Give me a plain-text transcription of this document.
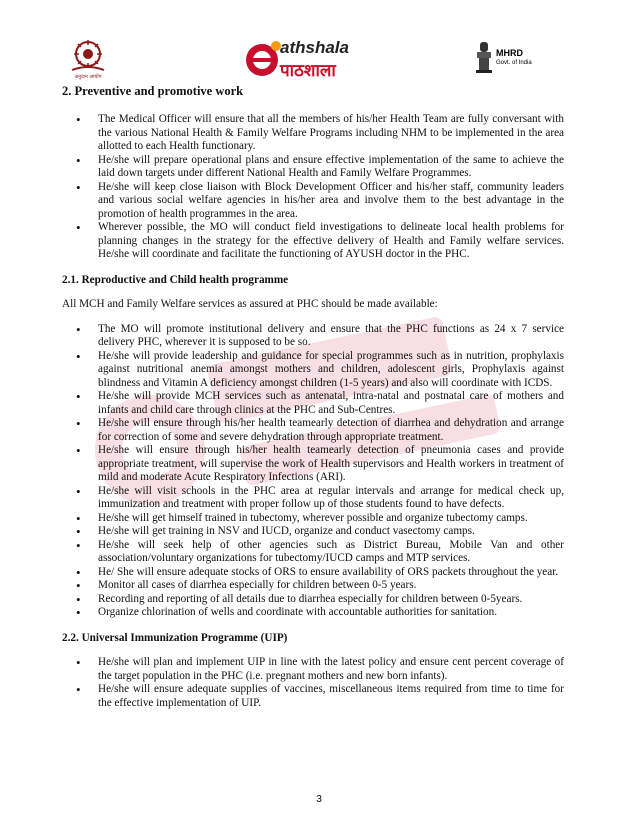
अनुदान आयोग
athshala
पाठशाला
MHRD
Govt. of India
2. Preventive and promotive work
• The Medical Officer will ensure that all the members of his/her Health Team are fully conversant with the various National Health & Family Welfare Programs including NHM to be implemented in the area allotted to each Health functionary.
• He/she will prepare operational plans and ensure effective implementation of the same to achieve the laid down targets under different National Health and Family Welfare Programmes.
• He/she will keep close liaison with Block Development Officer and his/her staff, community leaders and various social welfare agencies in his/her area and involve them to the best advantage in the promotion of health programmes in the area.
• Wherever possible, the MO will conduct field investigations to delineate local health problems for planning changes in the strategy for the effective delivery of Health and Family welfare services. He/she will coordinate and facilitate the functioning of AYUSH doctor in the PHC.
2.1. Reproductive and Child health programme

All MCH and Family Welfare services as assured at PHC should be made available:

• The MO will promote institutional delivery and ensure that the PHC functions as 24 x 7 service delivery PHC, wherever it is supposed to be so.
• He/she will provide leadership and guidance for special programmes such as in nutrition, prophylaxis against nutritional anemia amongst mothers and children, adolescent girls, Prophylaxis against blindness and Vitamin A deficiency amongst children (1-5 years) and also will coordinate with ICDS.
• He/she will provide MCH services such as antenatal, intra-natal and postnatal care of mothers and infants and child care through clinics at the PHC and Sub-Centres.
• He/she will ensure through his/her health teamearly detection of diarrhea and dehydration and arrange for correction of some and severe dehydration through appropriate treatment.
• He/she will ensure through his/her health teamearly detection of pneumonia cases and provide appropriate treatment, will supervise the work of Health supervisors and Health workers in treatment of mild and moderate Acute Respiratory Infections (ARI).
• He/she will visit schools in the PHC area at regular intervals and arrange for medical check up, immunization and treatment with proper follow up of those students found to have defects.
• He/she will get himself trained in tubectomy, wherever possible and organize tubectomy camps.
• He/she will get training in NSV and IUCD, organize and conduct vasectomy camps.
• He/she will seek help of other agencies such as District Bureau, Mobile Van and other association/voluntary organizations for tubectomy/IUCD camps and MTP services.
• He/ She will ensure adequate stocks of ORS to ensure availability of ORS packets throughout the year.
• Monitor all cases of diarrhea especially for children between 0-5 years.
• Recording and reporting of all details due to diarrhea especially for children between 0-5years.
• Organize chlorination of wells and coordinate with accountable authorities for sanitation.
2.2. Universal Immunization Programme (UIP)
• He/she will plan and implement UIP in line with the latest policy and ensure cent percent coverage of the target population in the PHC (i.e. pregnant mothers and new born infants).
• He/she will ensure adequate supplies of vaccines, miscellaneous items required from time to time for the effective implementation of UIP.
3
